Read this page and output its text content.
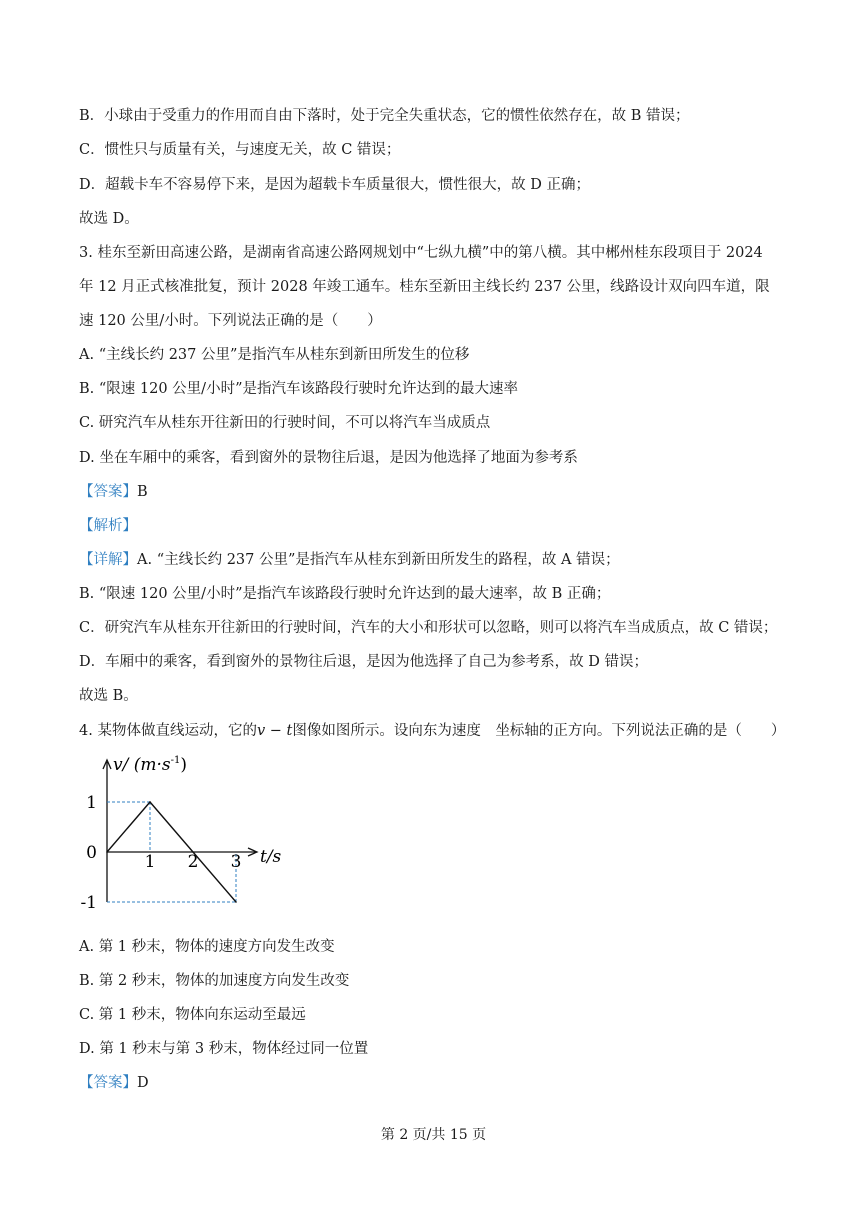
B．小球由于受重力的作用而自由下落时，处于完全失重状态，它的惯性依然存在，故 B 错误；
C．惯性只与质量有关，与速度无关，故 C 错误；
D．超载卡车不容易停下来，是因为超载卡车质量很大，惯性很大，故 D 正确；
故选 D。
3. 桂东至新田高速公路，是湖南省高速公路网规划中“七纵九横”中的第八横。其中郴州桂东段项目于 2024
年 12 月正式核准批复，预计 2028 年竣工通车。桂东至新田主线长约 237 公里，线路设计双向四车道，限
速 120 公里/小时。下列说法正确的是（　　）
A. “主线长约 237 公里”是指汽车从桂东到新田所发生的位移
B. “限速 120 公里/小时”是指汽车该路段行驶时允许达到的最大速率
C. 研究汽车从桂东开往新田的行驶时间，不可以将汽车当成质点
D. 坐在车厢中的乘客，看到窗外的景物往后退，是因为他选择了地面为参考系
【答案】B
【解析】
【详解】A. “主线长约 237 公里”是指汽车从桂东到新田所发生的路程，故 A 错误；
B. “限速 120 公里/小时”是指汽车该路段行驶时允许达到的最大速率，故 B 正确；
C．研究汽车从桂东开往新田的行驶时间，汽车的大小和形状可以忽略，则可以将汽车当成质点，故 C 错误；
D．车厢中的乘客，看到窗外的景物往后退，是因为他选择了自己为参考系，故 D 错误；
故选 B。
4. 某物体做直线运动，它的v − t图像如图所示。设向东为速度　坐标轴的正方向。下列说法正确的是（　　）
v/ $(m\cdot s^{-1})$
t/s
1
0
-1
1 2 3
A. 第 1 秒末，物体的速度方向发生改变
B. 第 2 秒末，物体的加速度方向发生改变
C. 第 1 秒末，物体向东运动至最远
D. 第 1 秒末与第 3 秒末，物体经过同一位置
【答案】D
第 2 页/共 15 页
